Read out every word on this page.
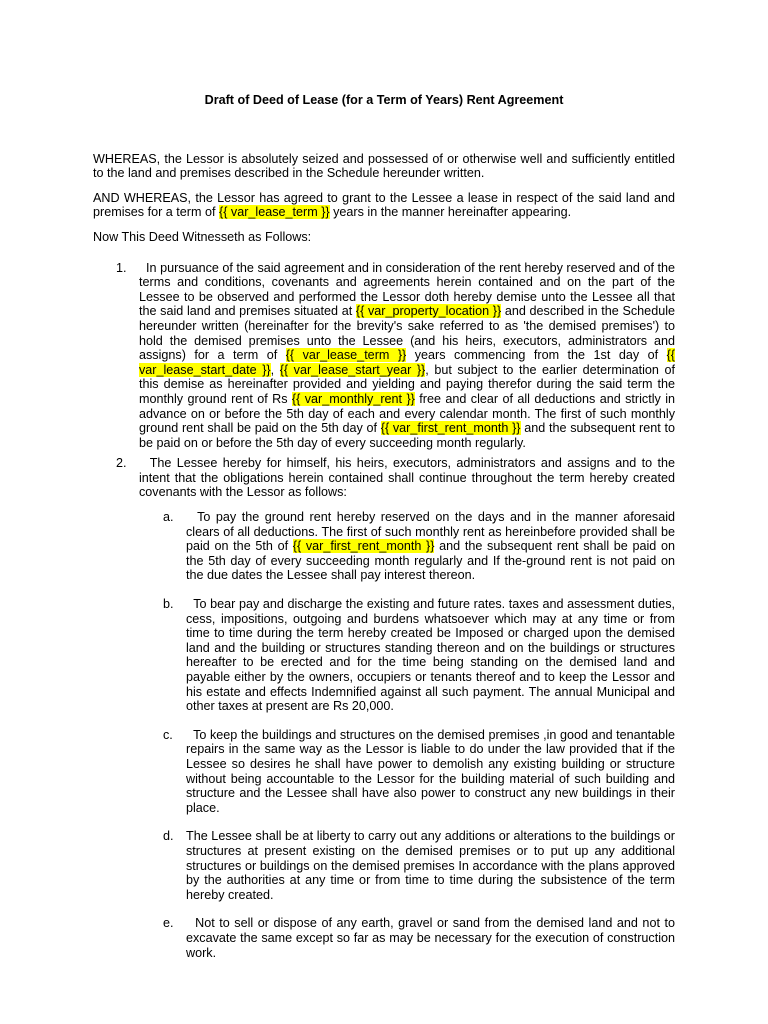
Draft of Deed of Lease (for a Term of Years) Rent Agreement

WHEREAS, the Lessor is absolutely seized and possessed of or otherwise well and sufficiently entitled to the land and premises described in the Schedule hereunder written.

AND WHEREAS, the Lessor has agreed to grant to the Lessee a lease in respect of the said land and premises for a term of {{ var_lease_term }} years in the manner hereinafter appearing.

Now This Deed Witnesseth as Follows:

1.	In pursuance of the said agreement and in consideration of the rent hereby reserved and of the terms and conditions, covenants and agreements herein contained and on the part of the Lessee to be observed and performed the Lessor doth hereby demise unto the Lessee all that the said land and premises situated at {{ var_property_location }} and described in the Schedule hereunder written (hereinafter for the brevity's sake referred to as 'the demised premises') to hold the demised premises unto the Lessee (and his heirs, executors, administrators and assigns) for a term of {{ var_lease_term }} years commencing from the 1st day of {{ var_lease_start_date }}, {{ var_lease_start_year }}, but subject to the earlier determination of this demise as hereinafter provided and yielding and paying therefor during the said term the monthly ground rent of Rs {{ var_monthly_rent }} free and clear of all deductions and strictly in advance on or before the 5th day of each and every calendar month. The first of such monthly ground rent shall be paid on the 5th day of {{ var_first_rent_month }} and the subsequent rent to be paid on or before the 5th day of every succeeding month regularly.

2.	The Lessee hereby for himself, his heirs, executors, administrators and assigns and to the intent that the obligations herein contained shall continue throughout the term hereby created covenants with the Lessor as follows:

a.	To pay the ground rent hereby reserved on the days and in the manner aforesaid clears of all deductions. The first of such monthly rent as hereinbefore provided shall be paid on the 5th of {{ var_first_rent_month }} and the subsequent rent shall be paid on the 5th day of every succeeding month regularly and If the-ground rent is not paid on the due dates the Lessee shall pay interest thereon.

b.	To bear pay and discharge the existing and future rates. taxes and assessment duties, cess, impositions, outgoing and burdens whatsoever which may at any time or from time to time during the term hereby created be Imposed or charged upon the demised land and the building or structures standing thereon and on the buildings or structures hereafter to be erected and for the time being standing on the demised land and payable either by the owners, occupiers or tenants thereof and to keep the Lessor and his estate and effects Indemnified against all such payment. The annual Municipal and other taxes at present are Rs 20,000.

c.	To keep the buildings and structures on the demised premises ,in good and tenantable repairs in the same way as the Lessor is liable to do under the law provided that if the Lessee so desires he shall have power to demolish any existing building or structure without being accountable to the Lessor for the building material of such building and structure and the Lessee shall have also power to construct any new buildings in their place.

d. The Lessee shall be at liberty to carry out any additions or alterations to the buildings or structures at present existing on the demised premises or to put up any additional structures or buildings on the demised premises In accordance with the plans approved by the authorities at any time or from time to time during the subsistence of the term hereby created.

e.	Not to sell or dispose of any earth, gravel or sand from the demised land and not to excavate the same except so far as may be necessary for the execution of construction work.
